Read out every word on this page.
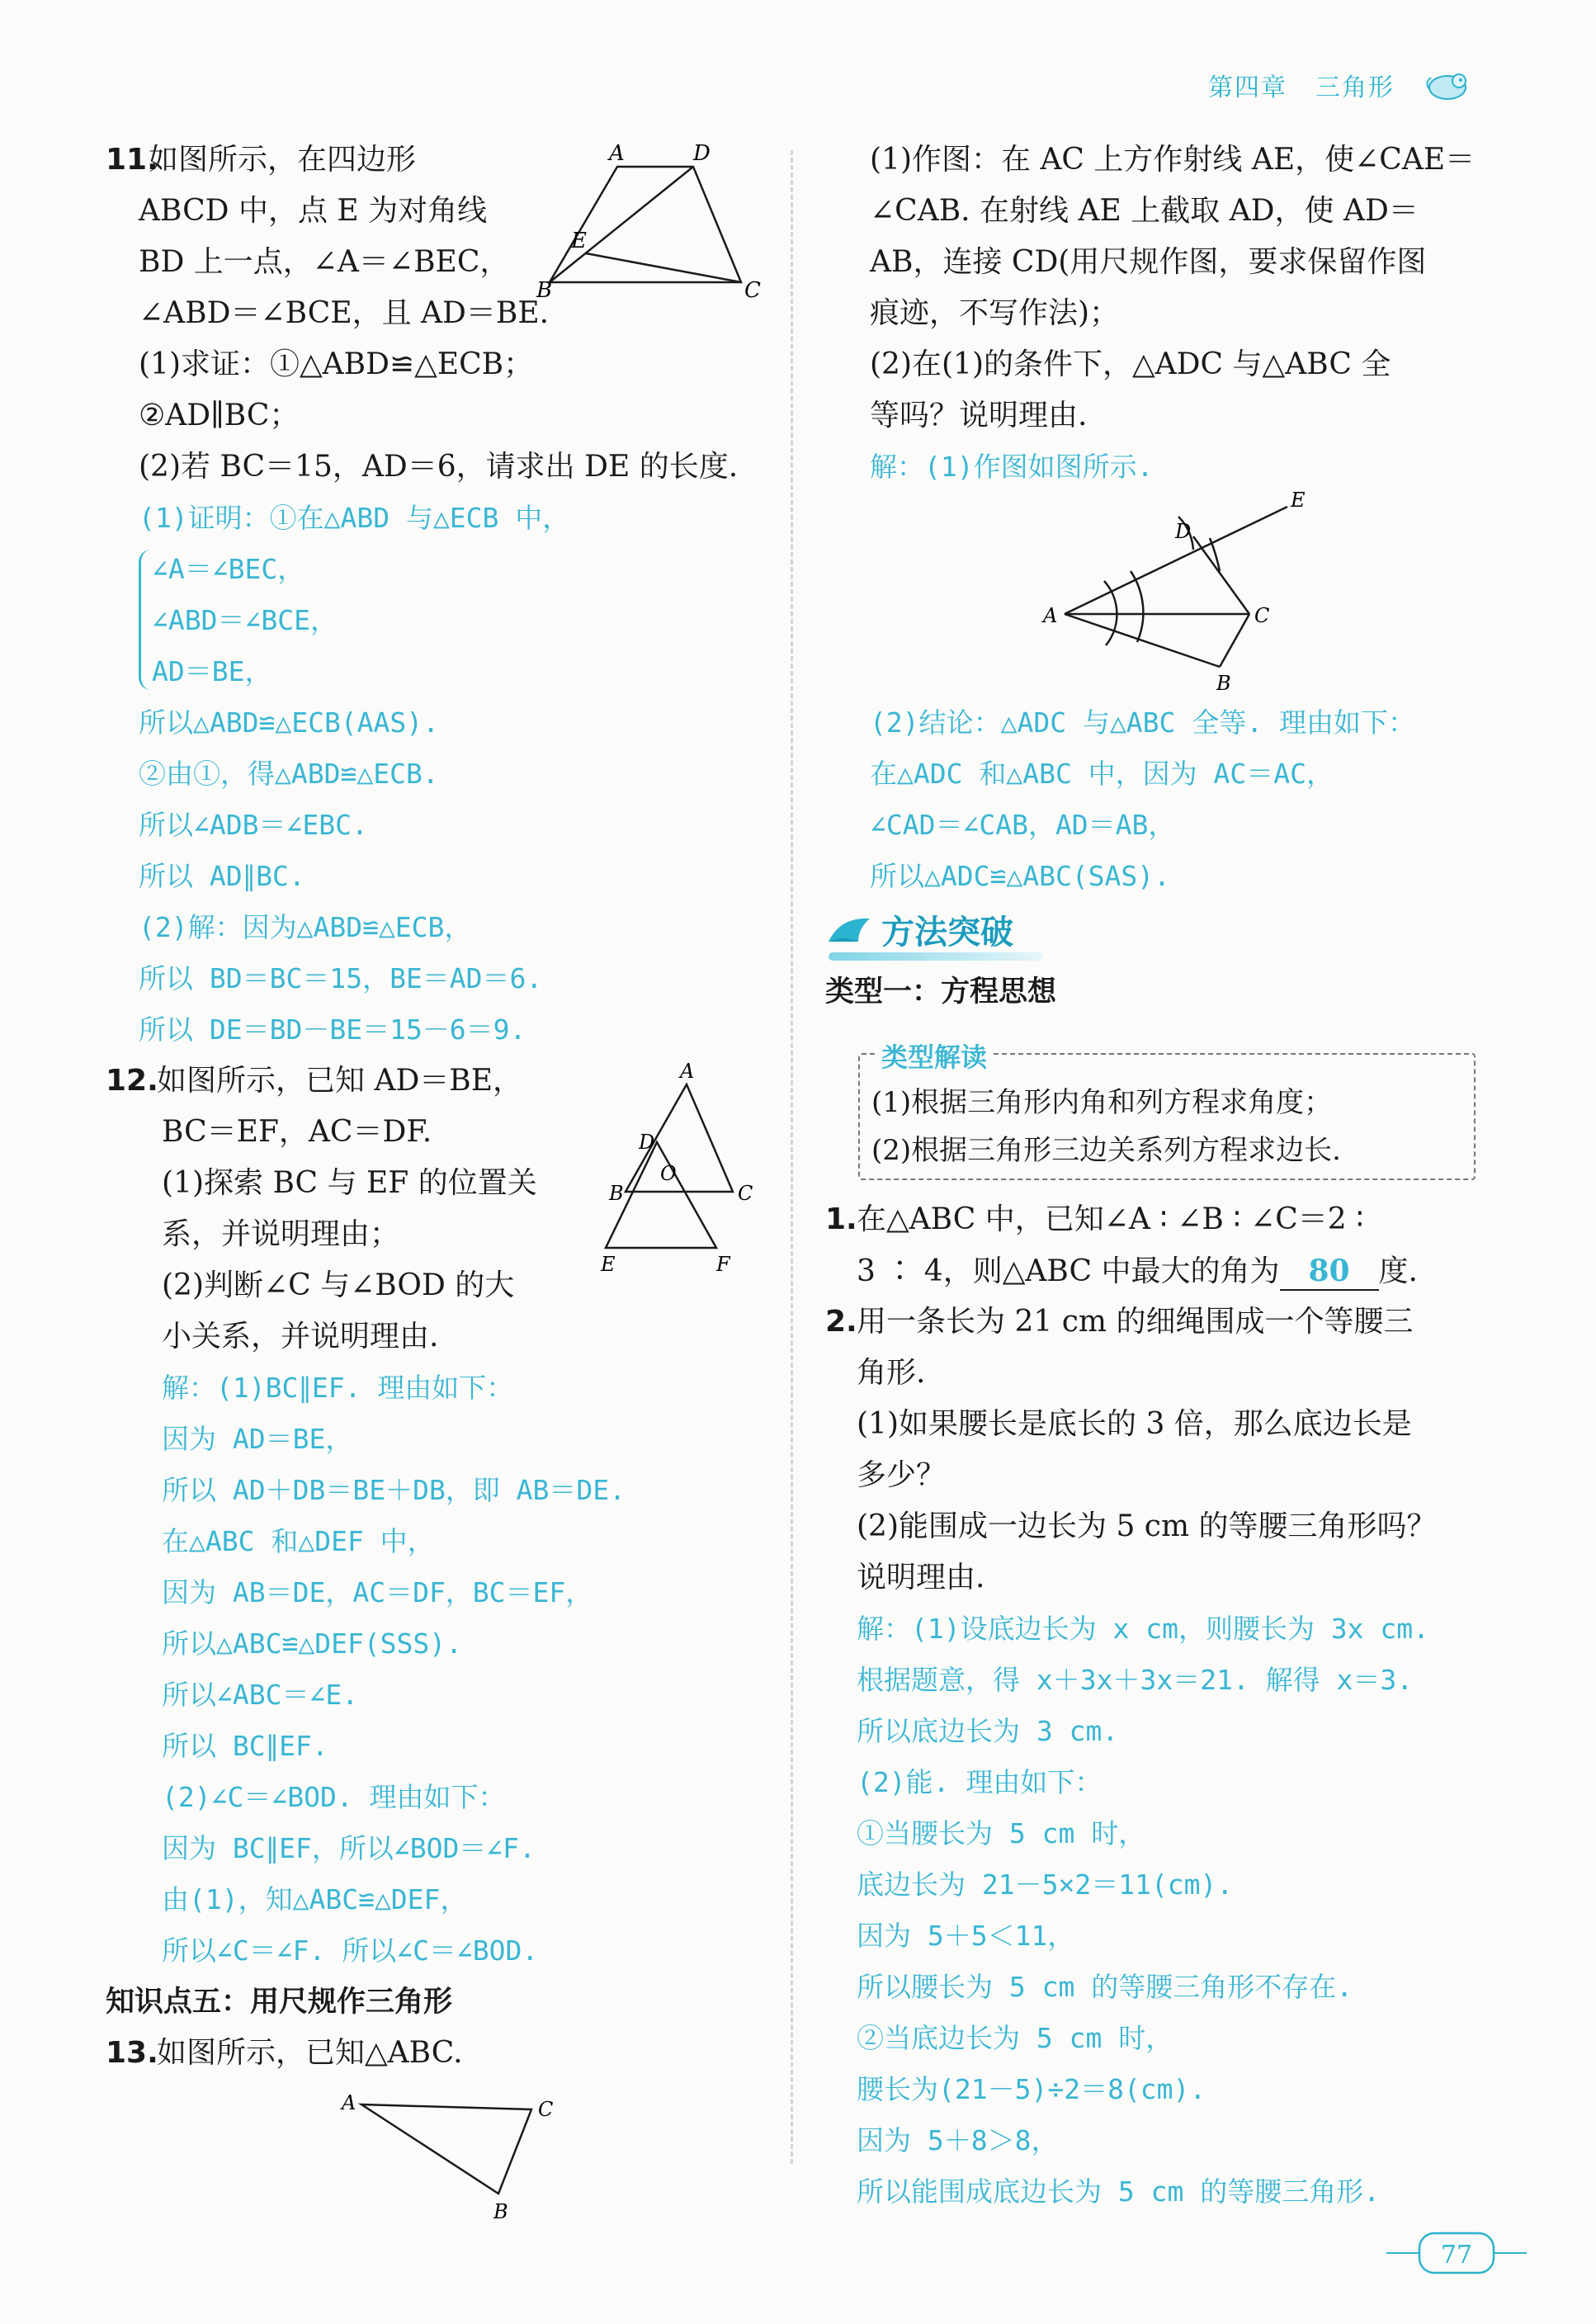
第四章 三角形
11.
如图所示，在四边形
ABCD 中，点 E 为对角线
BD 上一点，∠A＝∠BEC，
∠ABD＝∠BCE，且 AD＝BE.
(1)求证：①△ABD≌△ECB；
②AD∥BC；
(2)若 BC＝15，AD＝6，请求出 DE 的长度.
A	D
B	C
E
(1)证明：①在△ABD 与△ECB 中，
∠A＝∠BEC，
∠ABD＝∠BCE，
AD＝BE，
所以△ABD≌△ECB(AAS).
②由①，得△ABD≌△ECB.
所以∠ADB＝∠EBC.
所以 AD∥BC.
(2)解：因为△ABD≌△ECB，
所以 BD＝BC＝15，BE＝AD＝6.
所以 DE＝BD－BE＝15－6＝9.
12.
如图所示，已知 AD＝BE，
BC＝EF，AC＝DF.
(1)探索 BC 与 EF 的位置关
系，并说明理由；
(2)判断∠C 与∠BOD 的大
小关系，并说明理由.
A
B	C
D
O
E	F
解：(1)BC∥EF. 理由如下：
因为 AD＝BE，
所以 AD＋DB＝BE＋DB，即 AB＝DE.
在△ABC 和△DEF 中，
因为 AB＝DE，AC＝DF，BC＝EF，
所以△ABC≌△DEF(SSS).
所以∠ABC＝∠E.
所以 BC∥EF.
(2)∠C＝∠BOD. 理由如下：
因为 BC∥EF，所以∠BOD＝∠F.
由(1)，知△ABC≌△DEF，
所以∠C＝∠F. 所以∠C＝∠BOD.
知识点五：用尺规作三角形
13.
如图所示，已知△ABC.
A	C
B
(1)作图：在 AC 上方作射线 AE，使∠CAE＝
∠CAB. 在射线 AE 上截取 AD，使 AD＝
AB，连接 CD(用尺规作图，要求保留作图
痕迹，不写作法)；
(2)在(1)的条件下，△ADC 与△ABC 全
等吗？说明理由.
解：(1)作图如图所示.
A	C
B
D
E
(2)结论：△ADC 与△ABC 全等. 理由如下：
在△ADC 和△ABC 中，因为 AC＝AC，
∠CAD＝∠CAB，AD＝AB，
所以△ADC≌△ABC(SAS).
方法突破
类型一：方程思想
类型解读
(1)根据三角形内角和列方程求角度；
(2)根据三角形三边关系列方程求边长.
1. 在△ABC 中，已知∠A ∶ ∠B ∶ ∠C＝2 ∶
3 ∶ 4，则△ABC 中最大的角为 80 度.
2. 用一条长为 21 cm 的细绳围成一个等腰三
角形.
(1)如果腰长是底长的 3 倍，那么底边长是
多少？
(2)能围成一边长为 5 cm 的等腰三角形吗？
说明理由.
解：(1)设底边长为 x cm，则腰长为 3x cm.
根据题意，得 x＋3x＋3x＝21. 解得 x＝3.
所以底边长为 3 cm.
(2)能. 理由如下：
①当腰长为 5 cm 时，
底边长为 21－5×2＝11(cm).
因为 5＋5＜11，
所以腰长为 5 cm 的等腰三角形不存在.
②当底边长为 5 cm 时，
腰长为(21－5)÷2＝8(cm).
因为 5＋8＞8，
所以能围成底边长为 5 cm 的等腰三角形.
77
